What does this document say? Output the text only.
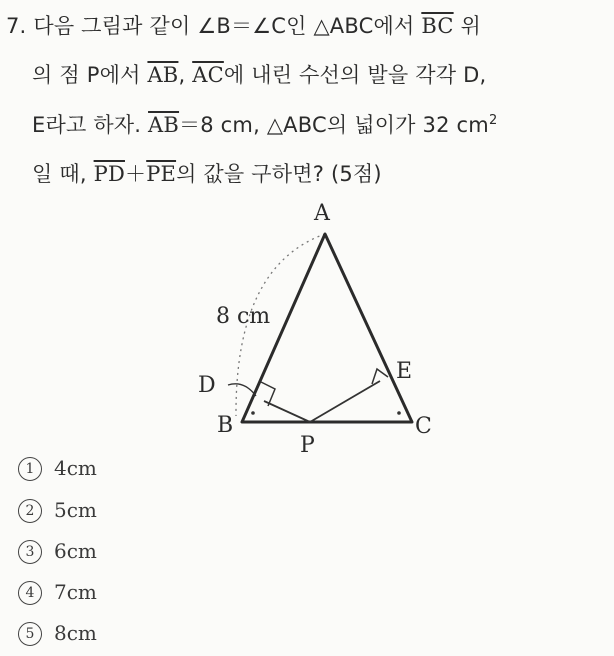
7. 다음 그림과 같이 ∠B＝∠C인 △ABC에서 $\overline{BC}$ 위
의 점 P에서 $\overline{AB}$, $\overline{AC}$에 내린 수선의 발을 각각 D,
E라고 하자. $\overline{AB}=8$ cm, △ABC의 넓이가 32 $cm^2$
일 때, $\overline{PD}+\overline{PE}$의 값을 구하면? (5점)
A
B	C
D
E
P
8 cm
1 4cm
2 5cm
3 6cm
4 7cm
5 8cm
